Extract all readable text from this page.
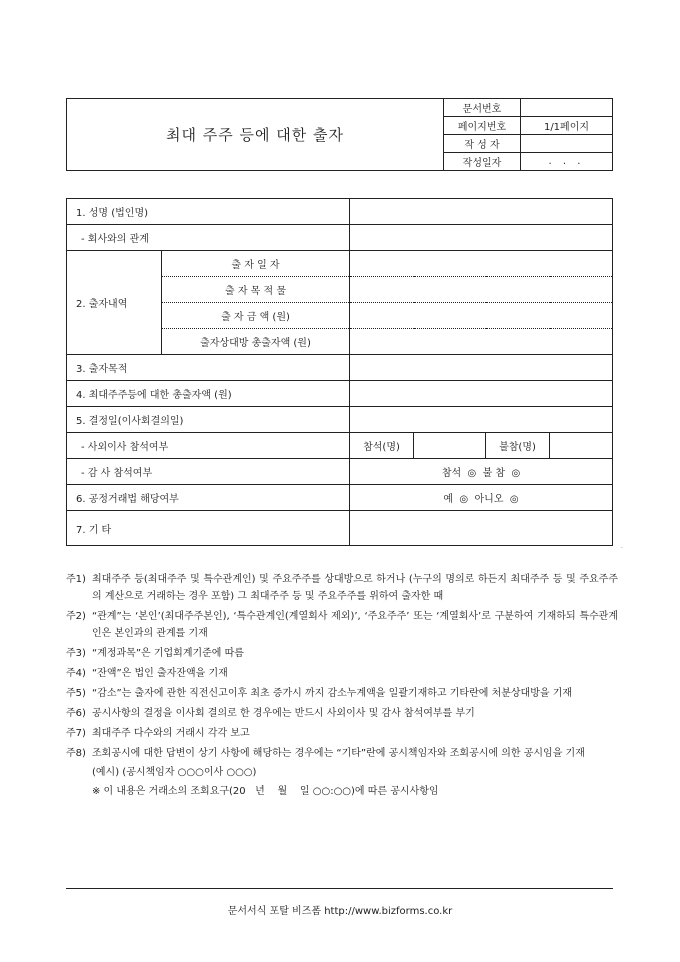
최대 주주 등에 대한 출자	문서번호	
	페이지번호	1/1페이지
	작 성 자	
	작성일자	. . .
1. 성명 (법인명)					
- 회사와의 관계					
2. 출자내역	출 자 일 자				
	출 자 목 적 물				
	출 자 금 액 (원)				
	출자상대방 총출자액 (원)				
3. 출자목적					
4. 최대주주등에 대한 총출자액 (원)					
5. 결정일(이사회결의일)					
- 사외이사 참석여부		참석(명)		불참(명)	
- 감 사 참석여부		참석  ◎  불 참  ◎			
6. 공정거래법 해당여부		예  ◎  아니오  ◎			
7. 기 타					
.
주1) 최대주주 등(최대주주 및 특수관계인) 및 주요주주를 상대방으로 하거나 (누구의 명의로 하든지 최대주주 등 및 주요주주의 계산으로 거래하는 경우 포함) 그 최대주주 등 및 주요주주를 위하여 출자한 때
주2) “관계”는 ‘본인’(최대주주본인), ‘특수관계인(계열회사 제외)’, ‘주요주주’ 또는 ‘계열회사’로 구분하여 기재하되 특수관계인은 본인과의 관계를 기재
주3) “계정과목”은 기업회계기준에 따름
주4) “잔액”은 법인 출자잔액을 기재
주5) “감소”는 출자에 관한 직전신고이후 최초 증가시 까지 감소누계액을 일괄기재하고 기타란에 처분상대방을 기재
주6) 공시사항의 결정을 이사회 결의로 한 경우에는 반드시 사외이사 및 감사 참석여부를 부기
주7) 최대주주 다수와의 거래시 각각 보고
주8) 조회공시에 대한 답변이 상기 사항에 해당하는 경우에는 “기타”란에 공시책임자와 조회공시에 의한 공시임을 기재
(예시) (공시책임자 ○○○이사 ○○○)
※ 이 내용은 거래소의 조회요구(20   년    월    일 ○○:○○)에 따른 공시사항임
문서서식 포탈 비즈폼 http://www.bizforms.co.kr
